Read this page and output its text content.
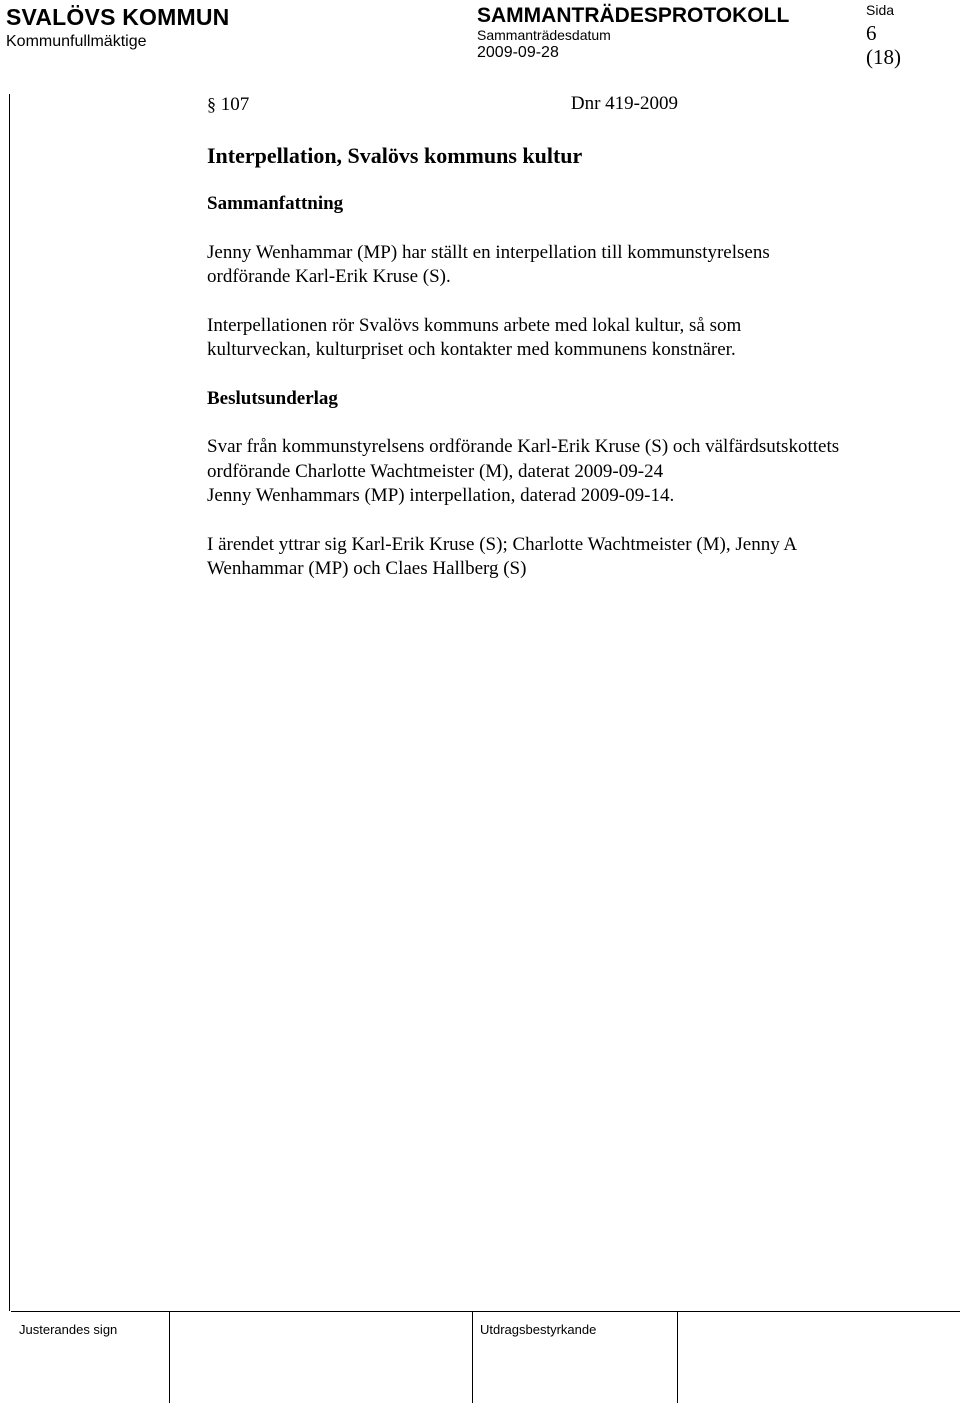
SVALÖVS KOMMUN
Kommunfullmäktige
SAMMANTRÄDESPROTOKOLL
Sammanträdesdatum
2009-09-28
Sida
6
(18)
§ 107	Dnr 419-2009
Interpellation, Svalövs kommuns kultur
Sammanfattning
Jenny Wenhammar (MP) har ställt en interpellation till kommunstyrelsens
ordförande Karl-Erik Kruse (S).
Interpellationen rör Svalövs kommuns arbete med lokal kultur, så som
kulturveckan, kulturpriset och kontakter med kommunens konstnärer.
Beslutsunderlag
Svar från kommunstyrelsens ordförande Karl-Erik Kruse (S) och välfärdsutskottets
ordförande Charlotte Wachtmeister (M), daterat 2009-09-24
Jenny Wenhammars (MP) interpellation, daterad 2009-09-14.
I ärendet yttrar sig Karl-Erik Kruse (S); Charlotte Wachtmeister (M), Jenny A
Wenhammar (MP) och Claes Hallberg (S)
Justerandes sign	Utdragsbestyrkande
